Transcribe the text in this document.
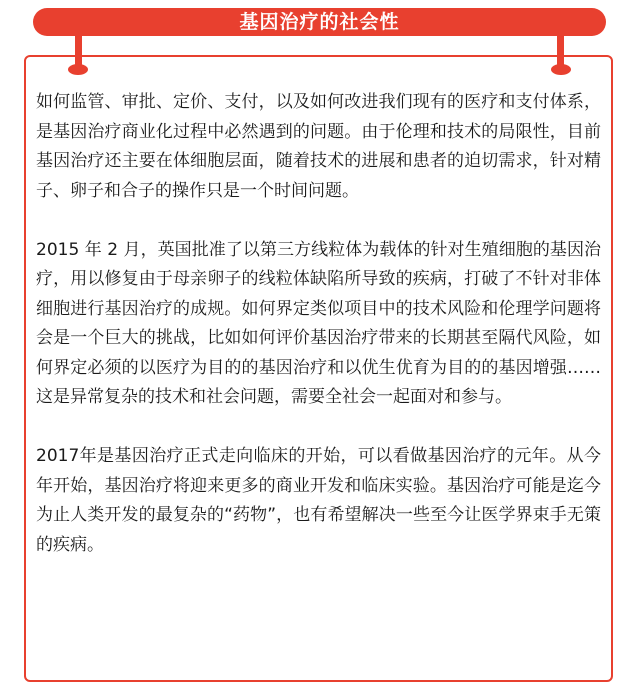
基因治疗的社会性

如何监管、审批、定价、支付，以及如何改进我们现有的医疗和支付体系，是基因治疗商业化过程中必然遇到的问题。由于伦理和技术的局限性，目前基因治疗还主要在体细胞层面，随着技术的进展和患者的迫切需求，针对精子、卵子和合子的操作只是一个时间问题。

2015 年 2 月，英国批准了以第三方线粒体为载体的针对生殖细胞的基因治疗，用以修复由于母亲卵子的线粒体缺陷所导致的疾病，打破了不针对非体细胞进行基因治疗的成规。如何界定类似项目中的技术风险和伦理学问题将会是一个巨大的挑战，比如如何评价基因治疗带来的长期甚至隔代风险，如何界定必须的以医疗为目的的基因治疗和以优生优育为目的的基因增强……这是异常复杂的技术和社会问题，需要全社会一起面对和参与。

2017年是基因治疗正式走向临床的开始，可以看做基因治疗的元年。从今年开始，基因治疗将迎来更多的商业开发和临床实验。基因治疗可能是迄今为止人类开发的最复杂的“药物”，也有希望解决一些至今让医学界束手无策的疾病。
